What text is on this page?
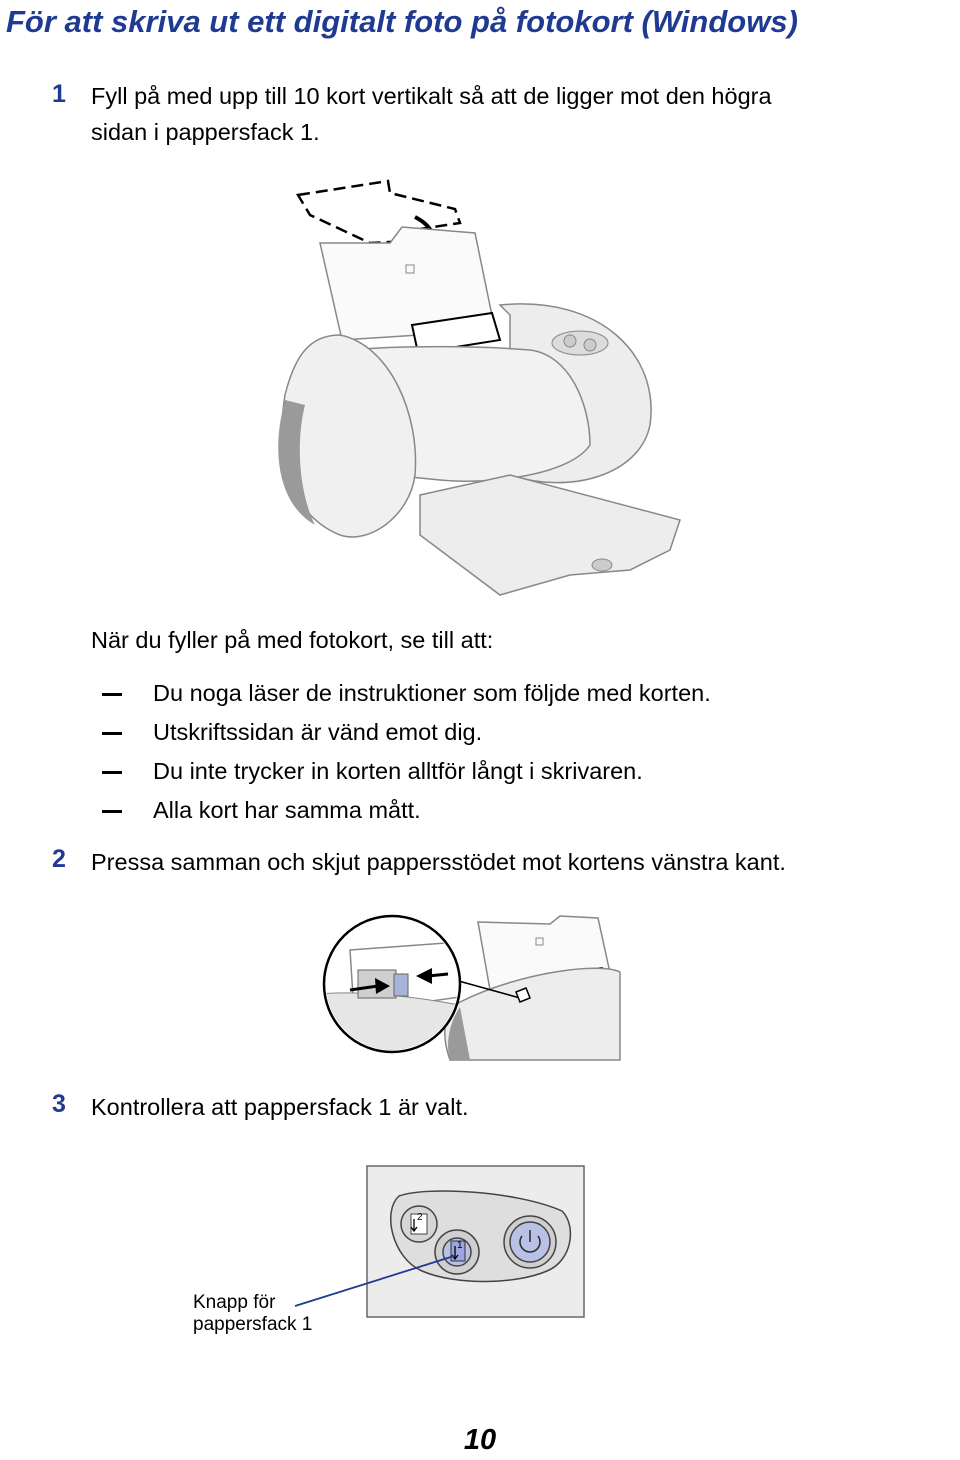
För att skriva ut ett digitalt foto på fotokort (Windows)
1 Fyll på med upp till 10 kort vertikalt så att de ligger mot den högra
sidan i pappersfack 1.
När du fyller på med fotokort, se till att:
Du noga läser de instruktioner som följde med korten.
Utskriftssidan är vänd emot dig.
Du inte trycker in korten alltför långt i skrivaren.
Alla kort har samma mått.
2 Pressa samman och skjut pappersstödet mot kortens vänstra kant.
3 Kontrollera att pappersfack 1 är valt.
2
1
Knapp för
pappersfack 1
10
